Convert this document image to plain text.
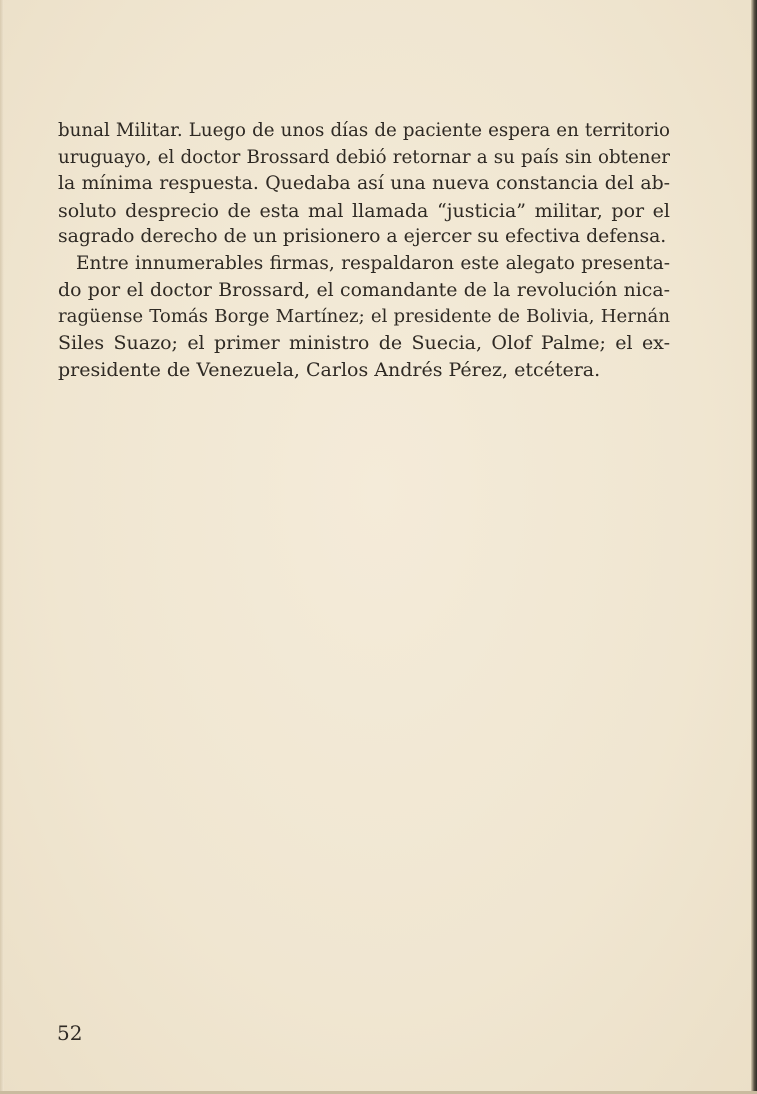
bunal Militar. Luego de unos días de paciente espera en territorio
uruguayo, el doctor Brossard debió retornar a su país sin obtener
la mínima respuesta. Quedaba así una nueva constancia del ab-
soluto desprecio de esta mal llamada “justicia” militar, por el
sagrado derecho de un prisionero a ejercer su efectiva defensa.

Entre innumerables firmas, respaldaron este alegato presenta-
do por el doctor Brossard, el comandante de la revolución nica-
ragüense Tomás Borge Martínez; el presidente de Bolivia, Hernán
Siles Suazo; el primer ministro de Suecia, Olof Palme; el ex-
presidente de Venezuela, Carlos Andrés Pérez, etcétera.

52
